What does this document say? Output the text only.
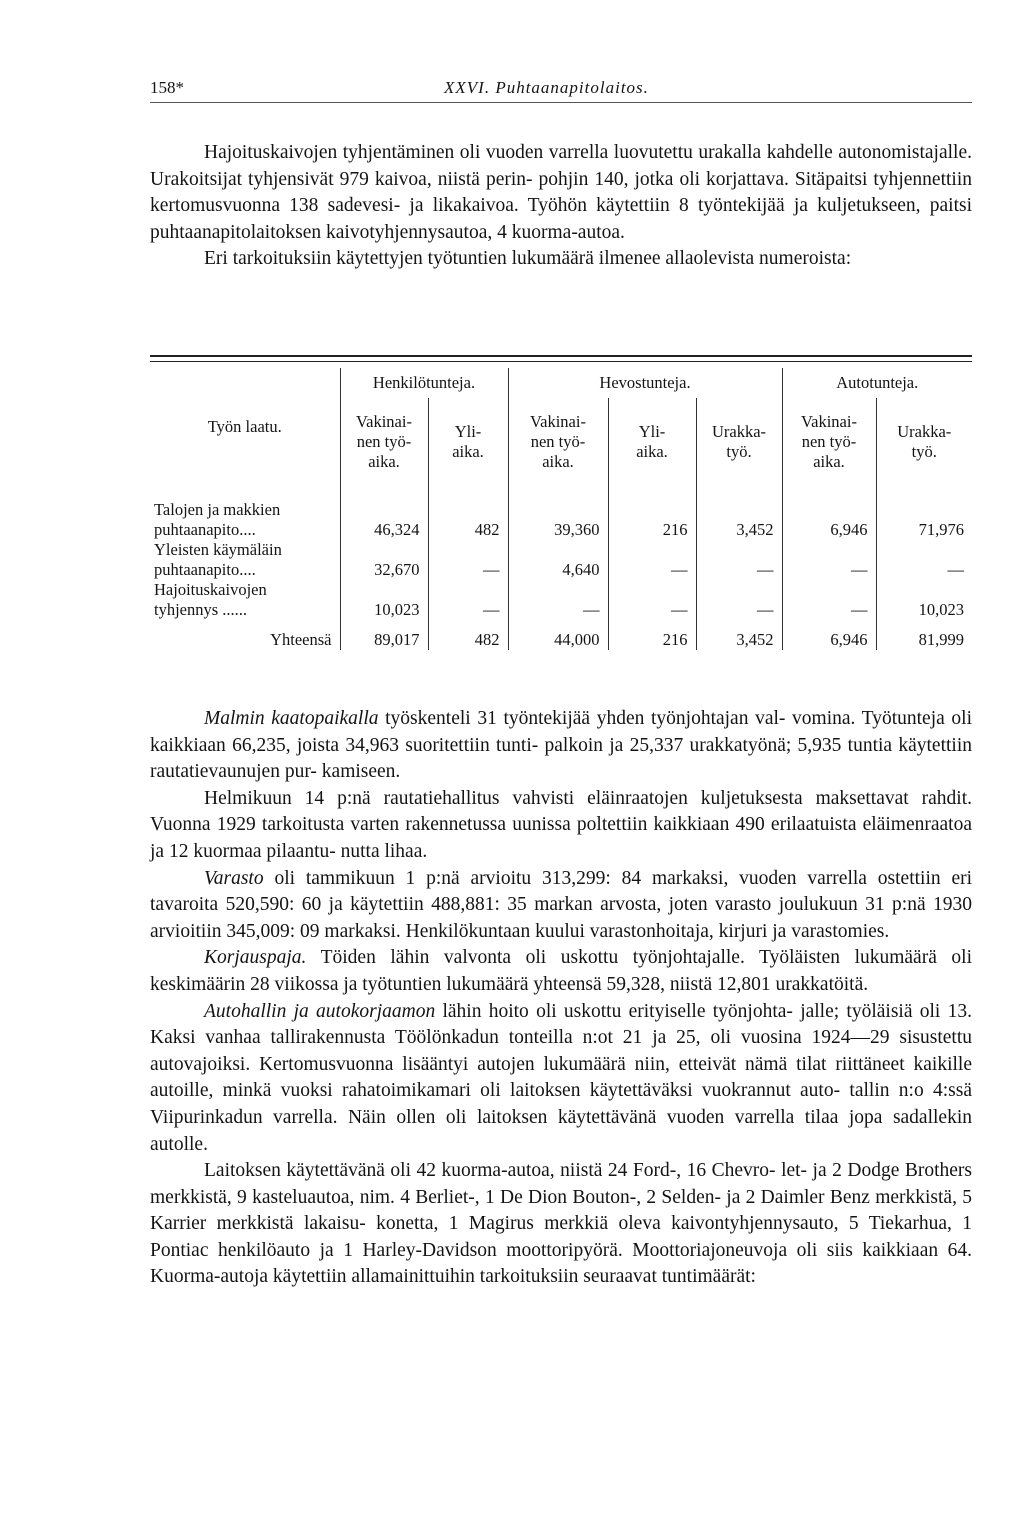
158*	XXVI. Puhtaanapitolaitos.

Hajoituskaivojen tyhjentäminen oli vuoden varrella luovutettu urakalla kahdelle autonomistajalle. Urakoitsijat tyhjensivät 979 kaivoa, niistä perin- pohjin 140, jotka oli korjattava. Sitäpaitsi tyhjennettiin kertomusvuonna 138 sadevesi- ja likakaivoa. Työhön käytettiin 8 työntekijää ja kuljetukseen, paitsi puhtaanapitolaitoksen kaivotyhjennysautoa, 4 kuorma-autoa.

Eri tarkoituksiin käytettyjen työtuntien lukumäärä ilmenee allaolevista numeroista:

Työn laatu.	Henkilötunteja.		Hevostunteja.			Autotunteja.	
	Vakinai-
nen työ-
aika.	Yli-
aika.	Vakinai-
nen työ-
aika.	Yli-
aika.	Urakka-
työ.	Vakinai-
nen työ-
aika.	Urakka-
työ.

Talojen ja makkien
puhtaanapito....	46,324	482	39,360	216	3,452	6,946	71,976
Yleisten käymäläin
puhtaanapito....	32,670	—	4,640	—	—	—	—
Hajoituskaivojen
tyhjennys ......	10,023	—	—	—	—	—	10,023
Yhteensä	89,017	482	44,000	216	3,452	6,946	81,999

Malmin kaatopaikalla työskenteli 31 työntekijää yhden työnjohtajan val- vomina. Työtunteja oli kaikkiaan 66,235, joista 34,963 suoritettiin tunti- palkoin ja 25,337 urakkatyönä; 5,935 tuntia käytettiin rautatievaunujen pur- kamiseen.

Helmikuun 14 p:nä rautatiehallitus vahvisti eläinraatojen kuljetuksesta maksettavat rahdit. Vuonna 1929 tarkoitusta varten rakennetussa uunissa poltettiin kaikkiaan 490 erilaatuista eläimenraatoa ja 12 kuormaa pilaantu- nutta lihaa.

Varasto oli tammikuun 1 p:nä arvioitu 313,299: 84 markaksi, vuoden varrella ostettiin eri tavaroita 520,590: 60 ja käytettiin 488,881: 35 markan arvosta, joten varasto joulukuun 31 p:nä 1930 arvioitiin 345,009: 09 markaksi. Henkilökuntaan kuului varastonhoitaja, kirjuri ja varastomies.

Korjauspaja. Töiden lähin valvonta oli uskottu työnjohtajalle. Työläisten lukumäärä oli keskimäärin 28 viikossa ja työtuntien lukumäärä yhteensä 59,328, niistä 12,801 urakkatöitä.

Autohallin ja autokorjaamon lähin hoito oli uskottu erityiselle työnjohta- jalle; työläisiä oli 13. Kaksi vanhaa tallirakennusta Töölönkadun tonteilla n:ot 21 ja 25, oli vuosina 1924—29 sisustettu autovajoiksi. Kertomusvuonna lisääntyi autojen lukumäärä niin, etteivät nämä tilat riittäneet kaikille autoille, minkä vuoksi rahatoimikamari oli laitoksen käytettäväksi vuokrannut auto- tallin n:o 4:ssä Viipurinkadun varrella. Näin ollen oli laitoksen käytettävänä vuoden varrella tilaa jopa sadallekin autolle.

Laitoksen käytettävänä oli 42 kuorma-autoa, niistä 24 Ford-, 16 Chevro- let- ja 2 Dodge Brothers merkkistä, 9 kasteluautoa, nim. 4 Berliet-, 1 De Dion Bouton-, 2 Selden- ja 2 Daimler Benz merkkistä, 5 Karrier merkkistä lakaisu- konetta, 1 Magirus merkkiä oleva kaivontyhjennysauto, 5 Tiekarhua, 1 Pontiac henkilöauto ja 1 Harley-Davidson moottoripyörä. Moottoriajoneuvoja oli siis kaikkiaan 64. Kuorma-autoja käytettiin allamainittuihin tarkoituksiin seuraavat tuntimäärät:
